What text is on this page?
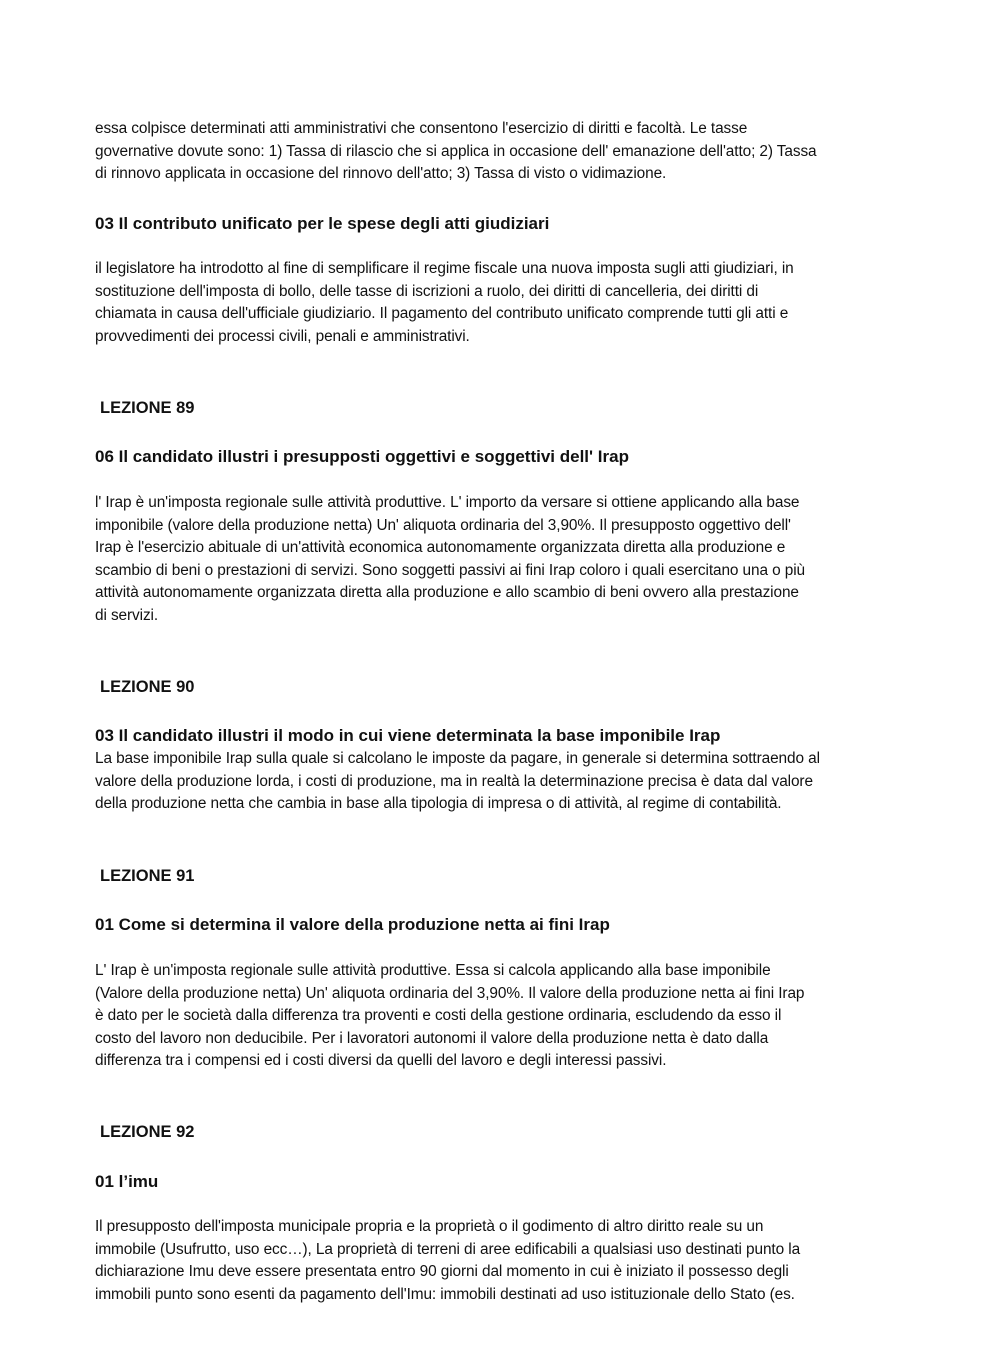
essa colpisce determinati atti amministrativi che consentono l'esercizio di diritti e facoltà. Le tasse
governative dovute sono: 1) Tassa di rilascio che si applica in occasione dell' emanazione dell'atto; 2) Tassa
di rinnovo applicata in occasione del rinnovo dell'atto; 3) Tassa di visto o vidimazione.
03 Il contributo unificato per le spese degli atti giudiziari
il legislatore ha introdotto al fine di semplificare il regime fiscale una nuova imposta sugli atti giudiziari, in
sostituzione dell'imposta di bollo, delle tasse di iscrizioni a ruolo, dei diritti di cancelleria, dei diritti di
chiamata in causa dell'ufficiale giudiziario. Il pagamento del contributo unificato comprende tutti gli atti e
provvedimenti dei processi civili, penali e amministrativi.
LEZIONE 89
06 Il candidato illustri i presupposti oggettivi e soggettivi dell' Irap
l' Irap è un'imposta regionale sulle attività produttive. L' importo da versare si ottiene applicando alla base
imponibile (valore della produzione netta) Un' aliquota ordinaria del 3,90%. Il presupposto oggettivo dell'
Irap è l'esercizio abituale di un'attività economica autonomamente organizzata diretta alla produzione e
scambio di beni o prestazioni di servizi. Sono soggetti passivi ai fini Irap coloro i quali esercitano una o più
attività autonomamente organizzata diretta alla produzione e allo scambio di beni ovvero alla prestazione
di servizi.
LEZIONE 90
03 Il candidato illustri il modo in cui viene determinata la base imponibile Irap
La base imponibile Irap sulla quale si calcolano le imposte da pagare, in generale si determina sottraendo al
valore della produzione lorda, i costi di produzione, ma in realtà la determinazione precisa è data dal valore
della produzione netta che cambia in base alla tipologia di impresa o di attività, al regime di contabilità.
LEZIONE 91
01 Come si determina il valore della produzione netta ai fini Irap
L' Irap è un'imposta regionale sulle attività produttive. Essa si calcola applicando alla base imponibile
(Valore della produzione netta) Un' aliquota ordinaria del 3,90%. Il valore della produzione netta ai fini Irap
è dato per le società dalla differenza tra proventi e costi della gestione ordinaria, escludendo da esso il
costo del lavoro non deducibile. Per i lavoratori autonomi il valore della produzione netta è dato dalla
differenza tra i compensi ed i costi diversi da quelli del lavoro e degli interessi passivi.
LEZIONE 92
01 l’imu
Il presupposto dell'imposta municipale propria e la proprietà o il godimento di altro diritto reale su un
immobile (Usufrutto, uso ecc…), La proprietà di terreni di aree edificabili a qualsiasi uso destinati punto la
dichiarazione Imu deve essere presentata entro 90 giorni dal momento in cui è iniziato il possesso degli
immobili punto sono esenti da pagamento dell'Imu: immobili destinati ad uso istituzionale dello Stato (es.
